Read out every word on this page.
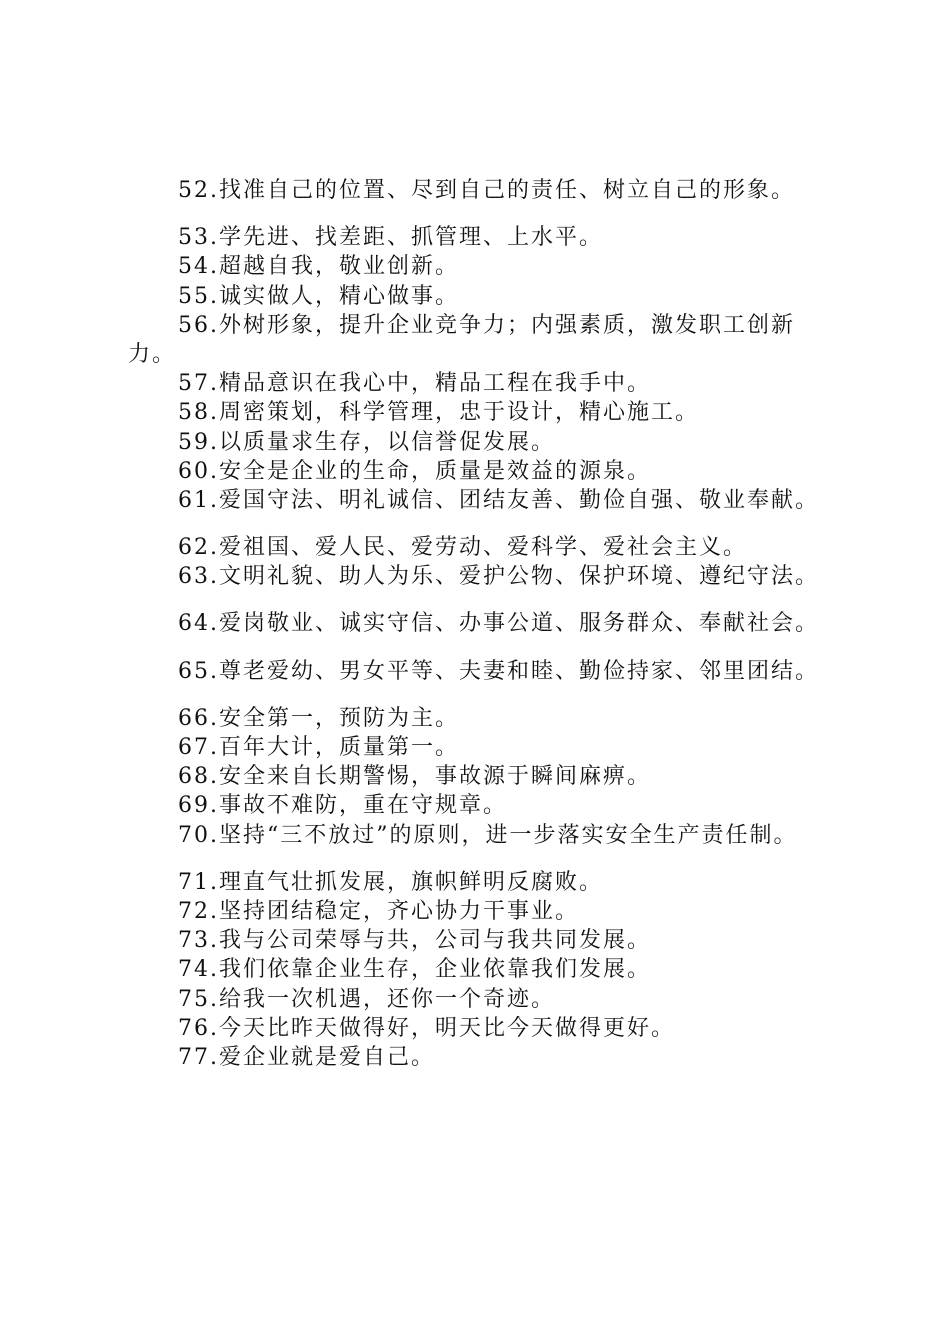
52.找准自己的位置、尽到自己的责任、树立自己的形象。
53.学先进、找差距、抓管理、上水平。
54.超越自我，敬业创新。
55.诚实做人，精心做事。
56.外树形象，提升企业竞争力；内强素质，激发职工创新
力。
57.精品意识在我心中，精品工程在我手中。
58.周密策划，科学管理，忠于设计，精心施工。
59.以质量求生存，以信誉促发展。
60.安全是企业的生命，质量是效益的源泉。
61.爱国守法、明礼诚信、团结友善、勤俭自强、敬业奉献。
62.爱祖国、爱人民、爱劳动、爱科学、爱社会主义。
63.文明礼貌、助人为乐、爱护公物、保护环境、遵纪守法。
64.爱岗敬业、诚实守信、办事公道、服务群众、奉献社会。
65.尊老爱幼、男女平等、夫妻和睦、勤俭持家、邻里团结。
66.安全第一，预防为主。
67.百年大计，质量第一。
68.安全来自长期警惕，事故源于瞬间麻痹。
69.事故不难防，重在守规章。
70.坚持“三不放过”的原则，进一步落实安全生产责任制。
71.理直气壮抓发展，旗帜鲜明反腐败。
72.坚持团结稳定，齐心协力干事业。
73.我与公司荣辱与共，公司与我共同发展。
74.我们依靠企业生存，企业依靠我们发展。
75.给我一次机遇，还你一个奇迹。
76.今天比昨天做得好，明天比今天做得更好。
77.爱企业就是爱自己。
